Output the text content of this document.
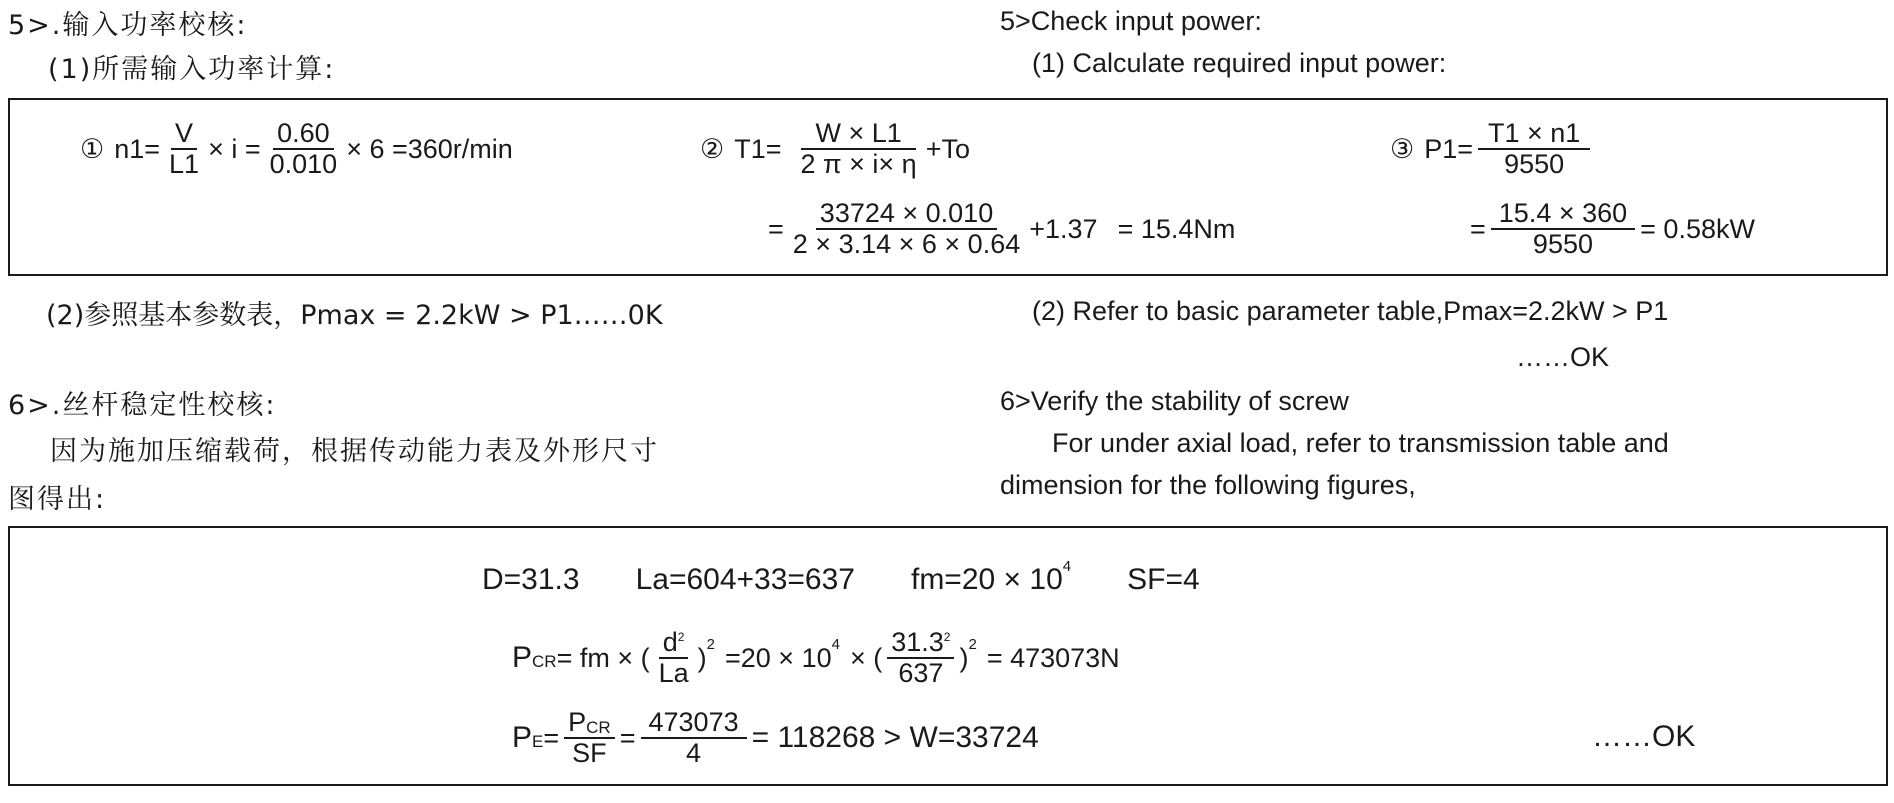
5>.输入功率校核:
(1)所需输入功率计算:
5>Check input power:
(1) Calculate required input power:
① $n1= \frac{V}{L1} \times i = \frac{0.60}{0.010} \times 6 =360r/\min$	② $T1= \frac{W \times L1}{2 \pi \times i\times \eta} +To$
= $\frac{33724 \times 0.010}{2 \times 3.14 \times 6 \times 0.64} +1.37 = 15.4Nm$
③ $P1= \frac{T1 \times n1}{9550}$
= $\frac{15.4 \times 360}{9550} = 0.58kW$
(2)参照基本参数表，Pmax = 2.2kW > P1……0K	(2) Refer to basic parameter table,Pmax=2.2kW > P1
……OK
6>.丝杆稳定性校核:
因为施加压缩载荷，根据传动能力表及外形尺寸
图得出:
6>Verify the stability of screw
For under axial load, refer to transmission table and
dimension for the following figures,
D=31.3 La=604+33=637 fm=20 × 10 4 SF=4
P CR = fm × ( $\frac{d^2}{La}$ ) 2 =20 × 10 4 × ( $\frac{31.3^2}{637}$ ) 2 = 473073N
P $E = \frac{\text{PCR}}{SF} = \frac{473073}{4} = 118268 > W=33724$	……OK
